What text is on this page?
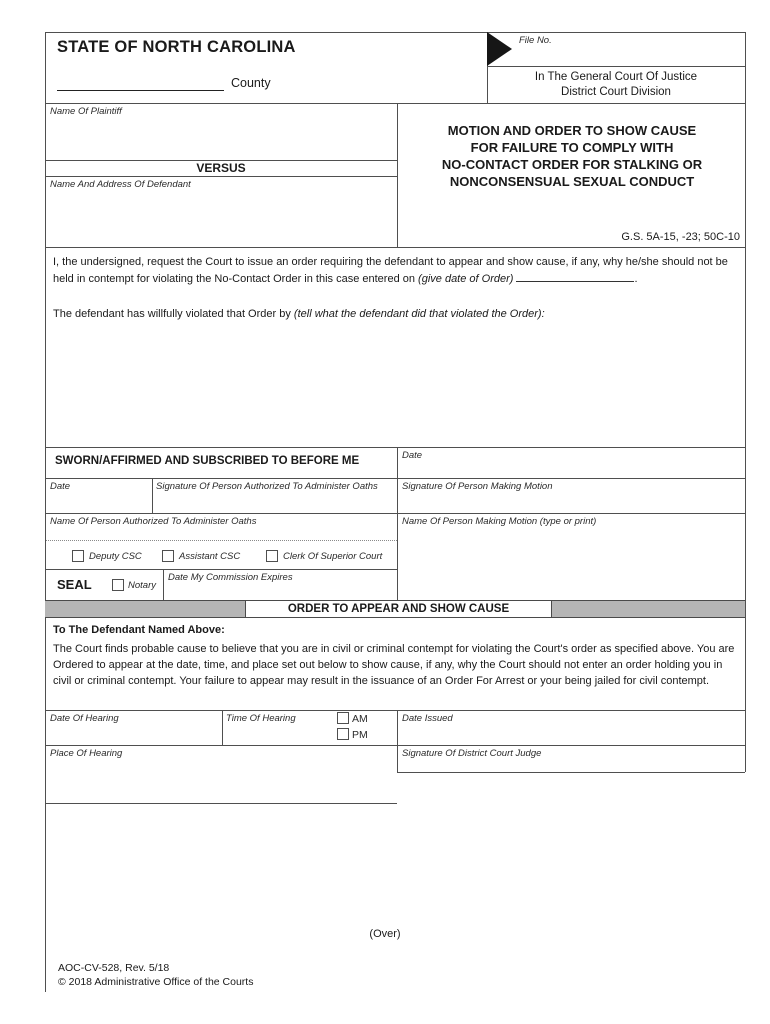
STATE OF NORTH CAROLINA
County
File No.
In The General Court Of Justice
District Court Division
Name Of Plaintiff
VERSUS
Name And Address Of Defendant
MOTION AND ORDER TO SHOW CAUSE
FOR FAILURE TO COMPLY WITH
NO-CONTACT ORDER FOR STALKING OR
NONCONSENSUAL SEXUAL CONDUCT
G.S. 5A-15, -23; 50C-10
I, the undersigned, request the Court to issue an order requiring the defendant to appear and show cause, if any, why he/she should not be held in contempt for violating the No-Contact Order in this case entered on (give date of Order)	.
The defendant has willfully violated that Order by (tell what the defendant did that violated the Order):
SWORN/AFFIRMED AND SUBSCRIBED TO BEFORE ME
Date	Signature Of Person Authorized To Administer Oaths
Name Of Person Authorized To Administer Oaths
Date
Signature Of Person Making Motion
Name Of Person Making Motion (type or print)
Deputy CSC	Assistant CSC	Clerk Of Superior Court
SEAL	Notary
Date My Commission Expires
ORDER TO APPEAR AND SHOW CAUSE
To The Defendant Named Above:
The Court finds probable cause to believe that you are in civil or criminal contempt for violating the Court's order as specified above. You are Ordered to appear at the date, time, and place set out below to show cause, if any, why the Court should not enter an order holding you in civil or criminal contempt. Your failure to appear may result in the issuance of an Order For Arrest or your being jailed for civil contempt.
Date Of Hearing	Time Of Hearing	AM
PM
Date Issued
Place Of Hearing	Signature Of District Court Judge
(Over)
AOC-CV-528, Rev. 5/18
© 2018 Administrative Office of the Courts
